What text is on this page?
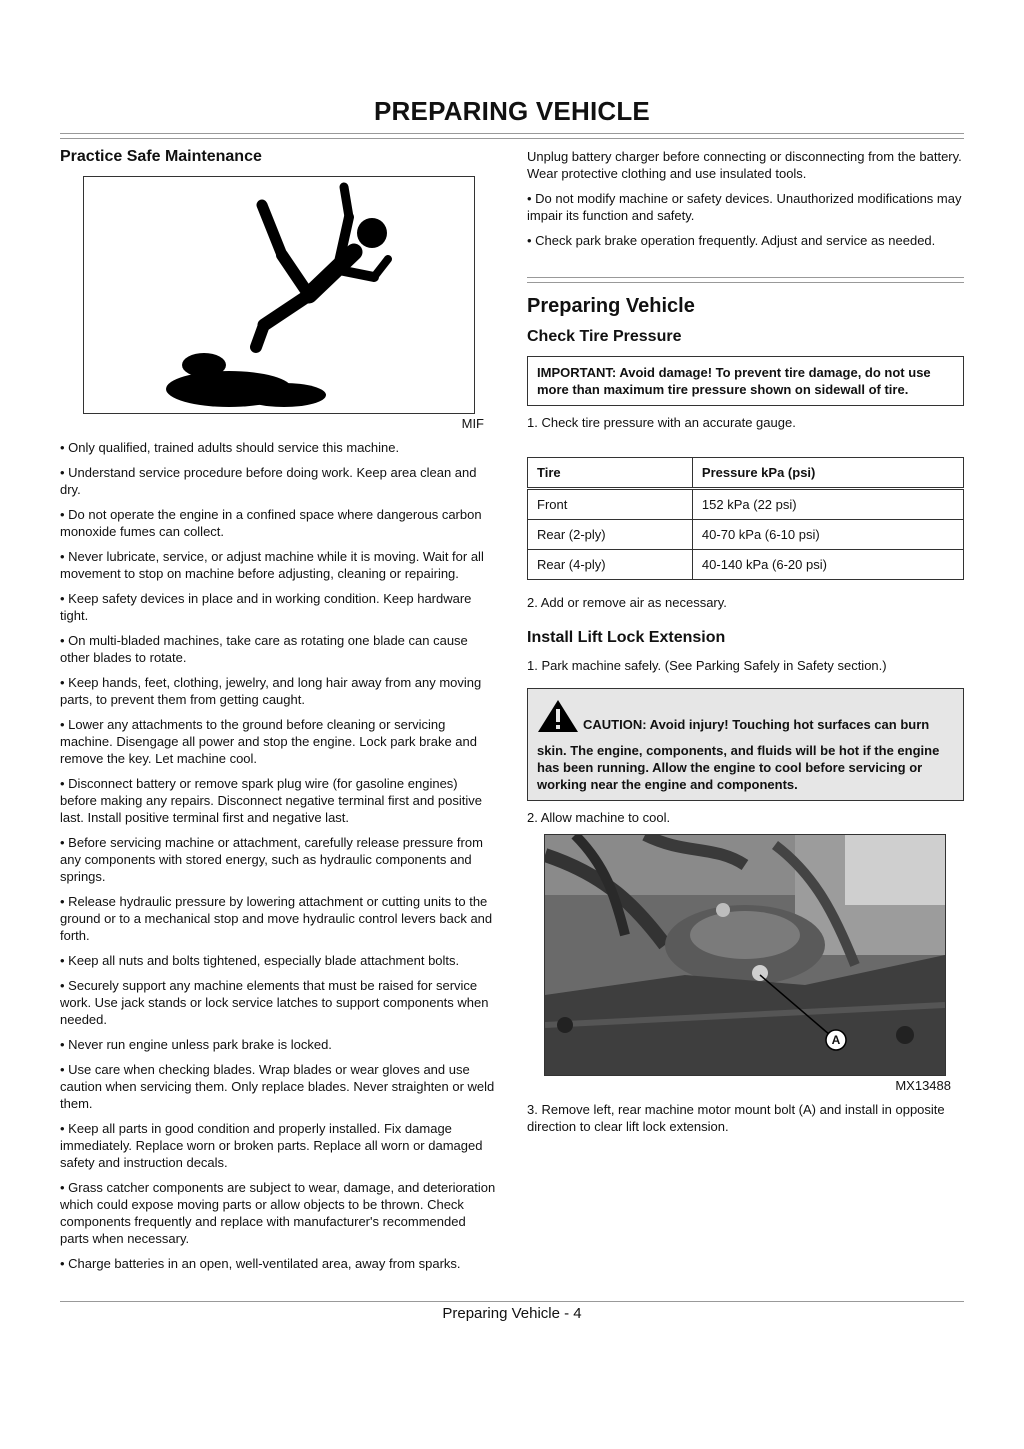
PREPARING VEHICLE
Practice Safe Maintenance
MIF

• Only qualified, trained adults should service this machine.

• Understand service procedure before doing work. Keep area clean and dry.

• Do not operate the engine in a confined space where dangerous carbon monoxide fumes can collect.

• Never lubricate, service, or adjust machine while it is moving. Wait for all movement to stop on machine before adjusting, cleaning or repairing.

• Keep safety devices in place and in working condition. Keep hardware tight.

• On multi-bladed machines, take care as rotating one blade can cause other blades to rotate.

• Keep hands, feet, clothing, jewelry, and long hair away from any moving parts, to prevent them from getting caught.

• Lower any attachments to the ground before cleaning or servicing machine. Disengage all power and stop the engine. Lock park brake and remove the key. Let machine cool.

• Disconnect battery or remove spark plug wire (for gasoline engines) before making any repairs. Disconnect negative terminal first and positive last. Install positive terminal first and negative last.

• Before servicing machine or attachment, carefully release pressure from any components with stored energy, such as hydraulic components and springs.

• Release hydraulic pressure by lowering attachment or cutting units to the ground or to a mechanical stop and move hydraulic control levers back and forth.

• Keep all nuts and bolts tightened, especially blade attachment bolts.

• Securely support any machine elements that must be raised for service work. Use jack stands or lock service latches to support components when needed.

• Never run engine unless park brake is locked.

• Use care when checking blades. Wrap blades or wear gloves and use caution when servicing them. Only replace blades. Never straighten or weld them.

• Keep all parts in good condition and properly installed. Fix damage immediately. Replace worn or broken parts. Replace all worn or damaged safety and instruction decals.

• Grass catcher components are subject to wear, damage, and deterioration which could expose moving parts or allow objects to be thrown. Check components frequently and replace with manufacturer's recommended parts when necessary.

• Charge batteries in an open, well-ventilated area, away from sparks.

Unplug battery charger before connecting or disconnecting from the battery. Wear protective clothing and use insulated tools.

• Do not modify machine or safety devices. Unauthorized modifications may impair its function and safety.

• Check park brake operation frequently. Adjust and service as needed.

Preparing Vehicle
Check Tire Pressure

IMPORTANT: Avoid damage! To prevent tire damage, do not use more than maximum tire pressure shown on sidewall of tire.

1. Check tire pressure with an accurate gauge.

Tire	Pressure kPa (psi)
Front	152 kPa (22 psi)
Rear (2-ply)	40-70 kPa (6-10 psi)
Rear (4-ply)	40-140 kPa (6-20 psi)

2. Add or remove air as necessary.

Install Lift Lock Extension

1. Park machine safely. (See Parking Safely in Safety section.)

CAUTION: Avoid injury! Touching hot surfaces can burn

skin. The engine, components, and fluids will be hot if the engine has been running. Allow the engine to cool before servicing or working near the engine and components.

2. Allow machine to cool.

A
MX13488

3. Remove left, rear machine motor mount bolt (A) and install in opposite direction to clear lift lock extension.

Preparing Vehicle - 4
